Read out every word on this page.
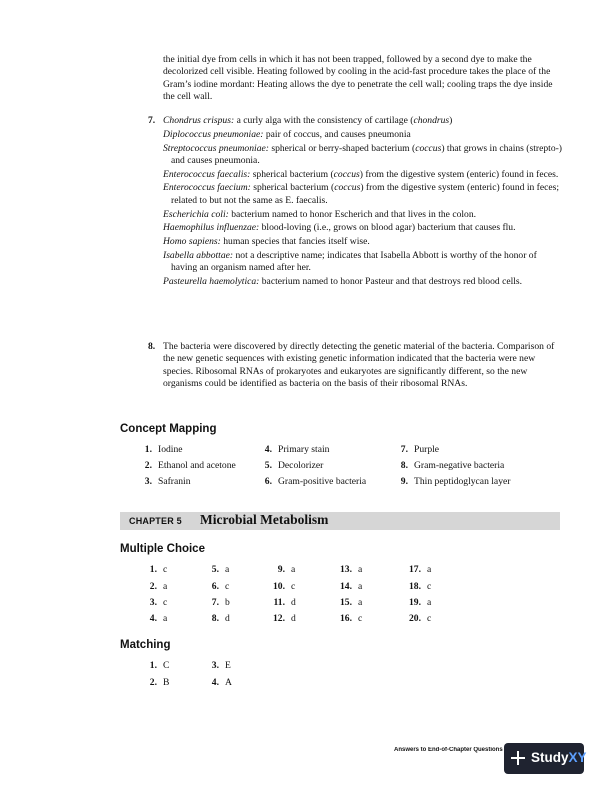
the initial dye from cells in which it has not been trapped, followed by a second dye to make the decolorized cell visible. Heating followed by cooling in the acid-fast procedure takes the place of the Gram’s iodine mordant: Heating allows the dye to penetrate the cell wall; cooling traps the dye inside the cell wall.
7. Chondrus crispus: a curly alga with the consistency of cartilage (chondrus)
Diplococcus pneumoniae: pair of coccus, and causes pneumonia
Streptococcus pneumoniae: spherical or berry-shaped bacterium (coccus) that grows in chains (strepto-) and causes pneumonia.
Enterococcus faecalis: spherical bacterium (coccus) from the digestive system (enteric) found in feces.
Enterococcus faecium: spherical bacterium (coccus) from the digestive system (enteric) found in feces; related to but not the same as E. faecalis.
Escherichia coli: bacterium named to honor Escherich and that lives in the colon.
Haemophilus influenzae: blood-loving (i.e., grows on blood agar) bacterium that causes flu.
Homo sapiens: human species that fancies itself wise.
Isabella abbottae: not a descriptive name; indicates that Isabella Abbott is worthy of the honor of having an organism named after her.
Pasteurella haemolytica: bacterium named to honor Pasteur and that destroys red blood cells.
8. The bacteria were discovered by directly detecting the genetic material of the bacteria. Comparison of the new genetic sequences with existing genetic information indicated that the bacteria were new species. Ribosomal RNAs of prokaryotes and eukaryotes are significantly different, so the new organisms could be identified as bacteria on the basis of their ribosomal RNAs.
Concept Mapping
1. Iodine
2. Ethanol and acetone
3. Safranin
4. Primary stain
5. Decolorizer
6. Gram-positive bacteria
7. Purple
8. Gram-negative bacteria
9. Thin peptidoglycan layer
CHAPTER 5 Microbial Metabolism
Multiple Choice
1. c
2. a
3. c
4. a
5. a
6. c
7. b
8. d
9. a
10. c
11. d
12. d
13. a
14. a
15. a
16. c
17. a
18. c
19. a
20. c
Matching
1. C
2. B
3. E
4. A
Answers to End-of-Chapter Questions StudyXY
